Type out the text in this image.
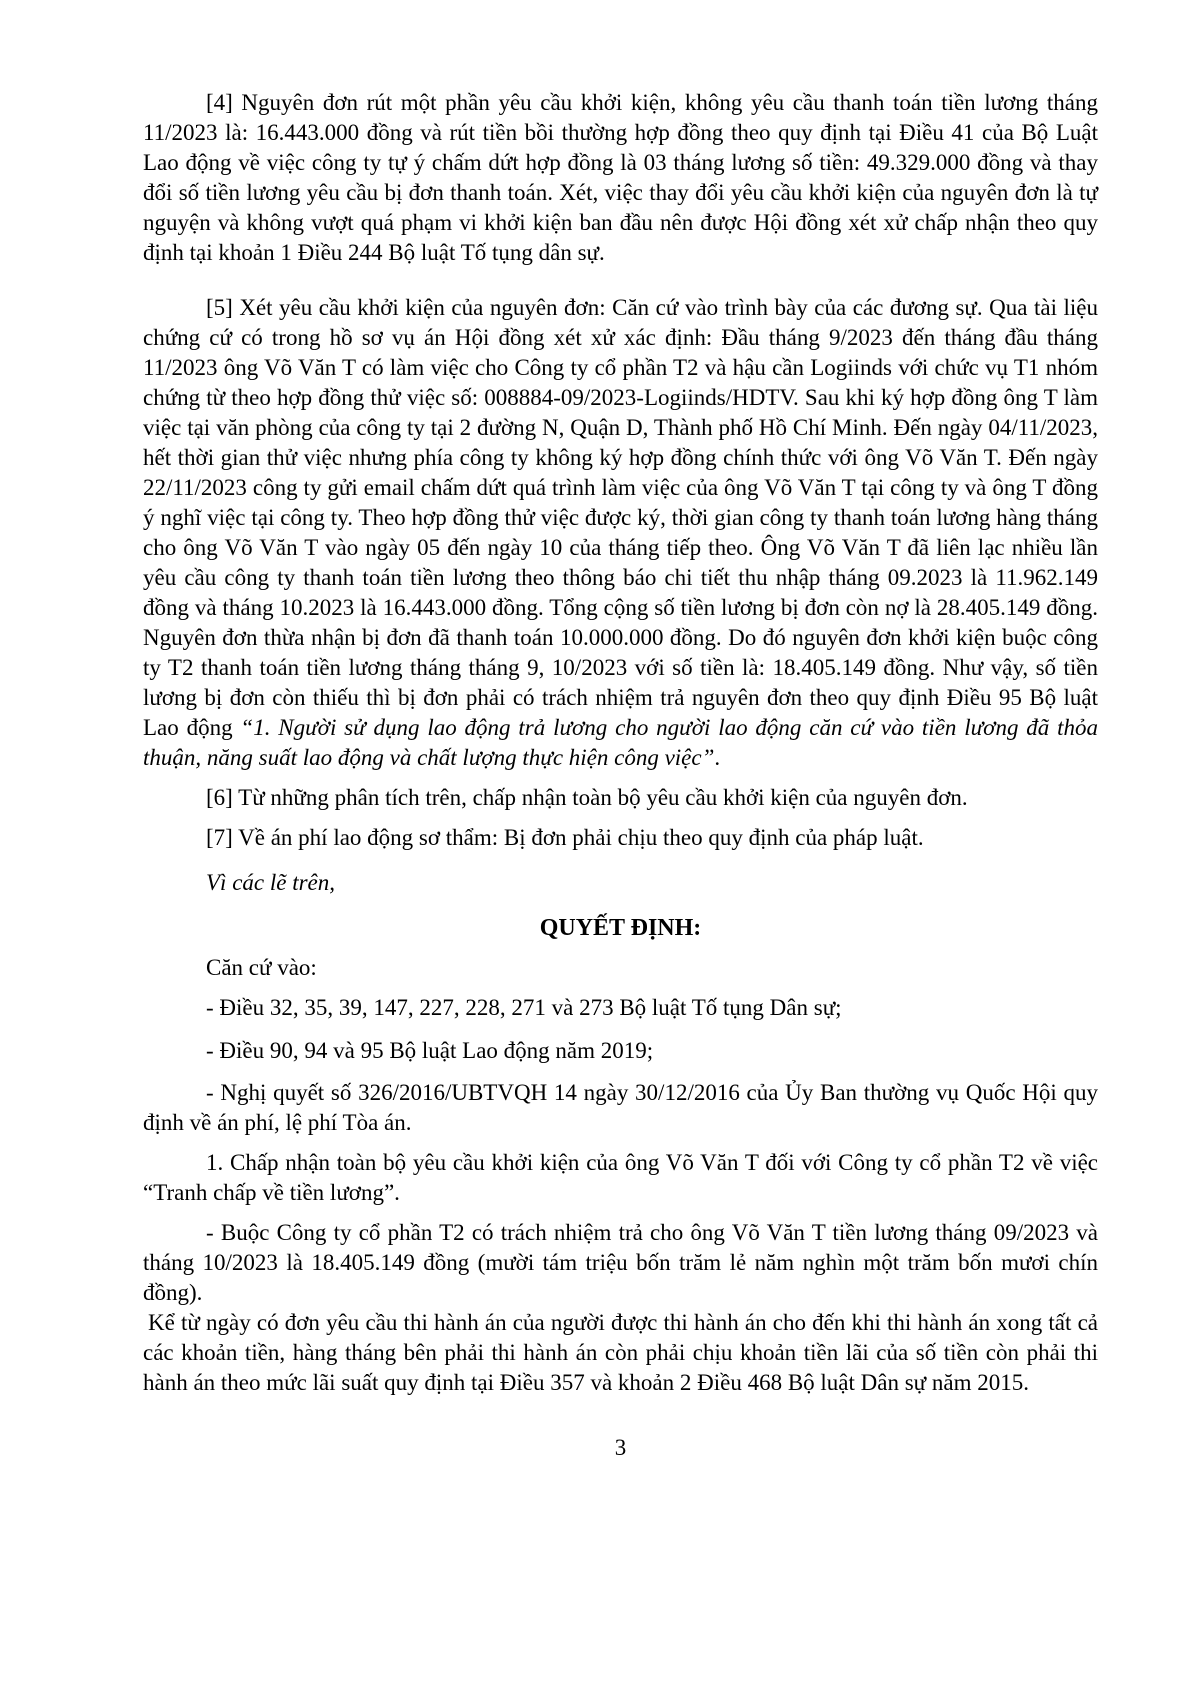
[4] Nguyên đơn rút một phần yêu cầu khởi kiện, không yêu cầu thanh toán tiền lương tháng 11/2023 là: 16.443.000 đồng và rút tiền bồi thường hợp đồng theo quy định tại Điều 41 của Bộ Luật Lao động về việc công ty tự ý chấm dứt hợp đồng là 03 tháng lương số tiền: 49.329.000 đồng và thay đổi số tiền lương yêu cầu bị đơn thanh toán. Xét, việc thay đổi yêu cầu khởi kiện của nguyên đơn là tự nguyện và không vượt quá phạm vi khởi kiện ban đầu nên được Hội đồng xét xử chấp nhận theo quy định tại khoản 1 Điều 244 Bộ luật Tố tụng dân sự.

[5] Xét yêu cầu khởi kiện của nguyên đơn: Căn cứ vào trình bày của các đương sự. Qua tài liệu chứng cứ có trong hồ sơ vụ án Hội đồng xét xử xác định: Đầu tháng 9/2023 đến tháng đầu tháng 11/2023 ông Võ Văn T có làm việc cho Công ty cổ phần T2 và hậu cần Logiinds với chức vụ T1 nhóm chứng từ theo hợp đồng thử việc số: 008884-09/2023-Logiinds/HDTV. Sau khi ký hợp đồng ông T làm việc tại văn phòng của công ty tại 2 đường N, Quận D, Thành phố Hồ Chí Minh. Đến ngày 04/11/2023, hết thời gian thử việc nhưng phía công ty không ký hợp đồng chính thức với ông Võ Văn T. Đến ngày 22/11/2023 công ty gửi email chấm dứt quá trình làm việc của ông Võ Văn T tại công ty và ông T đồng ý nghĩ việc tại công ty. Theo hợp đồng thử việc được ký, thời gian công ty thanh toán lương hàng tháng cho ông Võ Văn T vào ngày 05 đến ngày 10 của tháng tiếp theo. Ông Võ Văn T đã liên lạc nhiều lần yêu cầu công ty thanh toán tiền lương theo thông báo chi tiết thu nhập tháng 09.2023 là 11.962.149 đồng và tháng 10.2023 là 16.443.000 đồng. Tổng cộng số tiền lương bị đơn còn nợ là 28.405.149 đồng. Nguyên đơn thừa nhận bị đơn đã thanh toán 10.000.000 đồng. Do đó nguyên đơn khởi kiện buộc công ty T2 thanh toán tiền lương tháng tháng 9, 10/2023 với số tiền là: 18.405.149 đồng. Như vậy, số tiền lương bị đơn còn thiếu thì bị đơn phải có trách nhiệm trả nguyên đơn theo quy định Điều 95 Bộ luật Lao động “1. Người sử dụng lao động trả lương cho người lao động căn cứ vào tiền lương đã thỏa thuận, năng suất lao động và chất lượng thực hiện công việc”.

[6] Từ những phân tích trên, chấp nhận toàn bộ yêu cầu khởi kiện của nguyên đơn.

[7] Về án phí lao động sơ thẩm: Bị đơn phải chịu theo quy định của pháp luật.

Vì các lẽ trên,

QUYẾT ĐỊNH:

Căn cứ vào:

- Điều 32, 35, 39, 147, 227, 228, 271 và 273 Bộ luật Tố tụng Dân sự;

- Điều 90, 94 và 95 Bộ luật Lao động năm 2019;

- Nghị quyết số 326/2016/UBTVQH 14 ngày 30/12/2016 của Ủy Ban thường vụ Quốc Hội quy định về án phí, lệ phí Tòa án.

1. Chấp nhận toàn bộ yêu cầu khởi kiện của ông Võ Văn T đối với Công ty cổ phần T2 về việc “Tranh chấp về tiền lương”.

- Buộc Công ty cổ phần T2 có trách nhiệm trả cho ông Võ Văn T tiền lương tháng 09/2023 và tháng 10/2023 là 18.405.149 đồng (mười tám triệu bốn trăm lẻ năm nghìn một trăm bốn mươi chín đồng).

Kể từ ngày có đơn yêu cầu thi hành án của người được thi hành án cho đến khi thi hành án xong tất cả các khoản tiền, hàng tháng bên phải thi hành án còn phải chịu khoản tiền lãi của số tiền còn phải thi hành án theo mức lãi suất quy định tại Điều 357 và khoản 2 Điều 468 Bộ luật Dân sự năm 2015.

3
